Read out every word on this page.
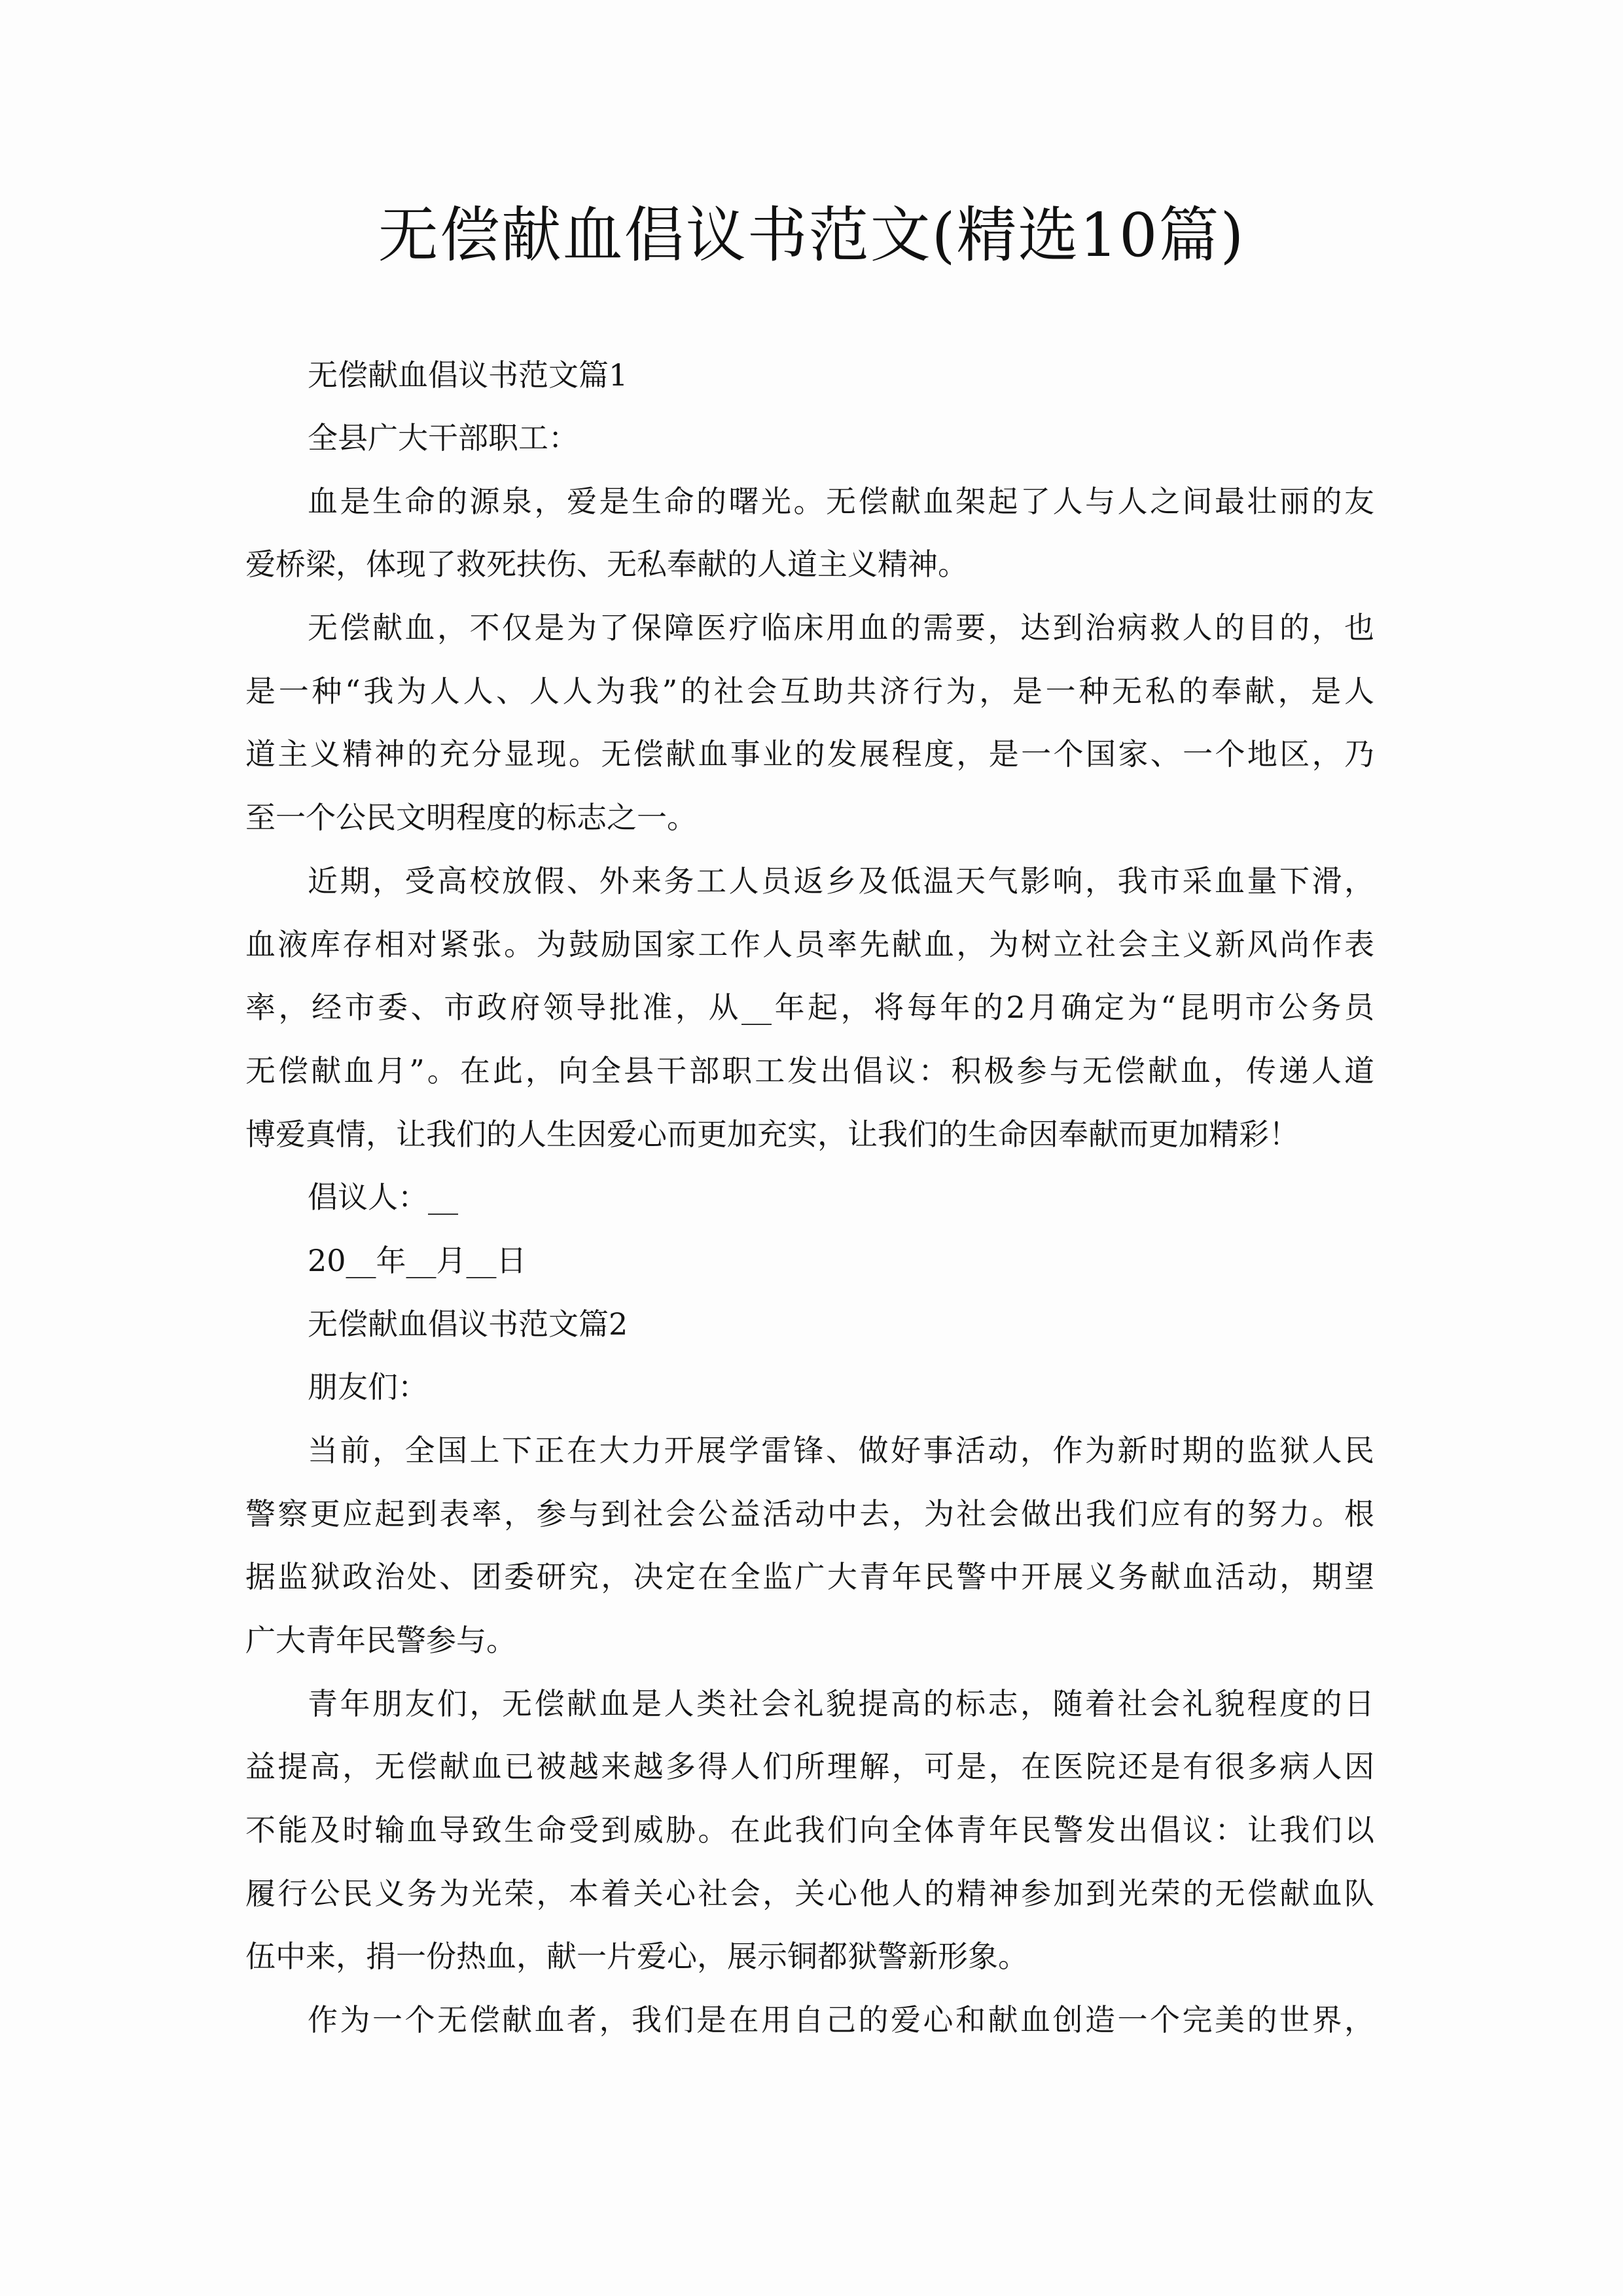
无偿献血倡议书范文(精选10篇)
无偿献血倡议书范文篇1
全县广大干部职工：
血是生命的源泉，爱是生命的曙光。无偿献血架起了人与人之间最壮丽的友
爱桥梁，体现了救死扶伤、无私奉献的人道主义精神。
无偿献血，不仅是为了保障医疗临床用血的需要，达到治病救人的目的，也
是一种“我为人人、人人为我”的社会互助共济行为，是一种无私的奉献，是人
道主义精神的充分显现。无偿献血事业的发展程度，是一个国家、一个地区，乃
至一个公民文明程度的标志之一。
近期，受高校放假、外来务工人员返乡及低温天气影响，我市采血量下滑，
血液库存相对紧张。为鼓励国家工作人员率先献血，为树立社会主义新风尚作表
率，经市委、市政府领导批准，从__年起，将每年的2月确定为“昆明市公务员
无偿献血月”。在此，向全县干部职工发出倡议：积极参与无偿献血，传递人道
博爱真情，让我们的人生因爱心而更加充实，让我们的生命因奉献而更加精彩！
倡议人：__
20__年__月__日
无偿献血倡议书范文篇2
朋友们：
当前，全国上下正在大力开展学雷锋、做好事活动，作为新时期的监狱人民
警察更应起到表率，参与到社会公益活动中去，为社会做出我们应有的努力。根
据监狱政治处、团委研究，决定在全监广大青年民警中开展义务献血活动，期望
广大青年民警参与。
青年朋友们，无偿献血是人类社会礼貌提高的标志，随着社会礼貌程度的日
益提高，无偿献血已被越来越多得人们所理解，可是，在医院还是有很多病人因
不能及时输血导致生命受到威胁。在此我们向全体青年民警发出倡议：让我们以
履行公民义务为光荣，本着关心社会，关心他人的精神参加到光荣的无偿献血队
伍中来，捐一份热血，献一片爱心，展示铜都狱警新形象。
作为一个无偿献血者，我们是在用自己的爱心和献血创造一个完美的世界，
